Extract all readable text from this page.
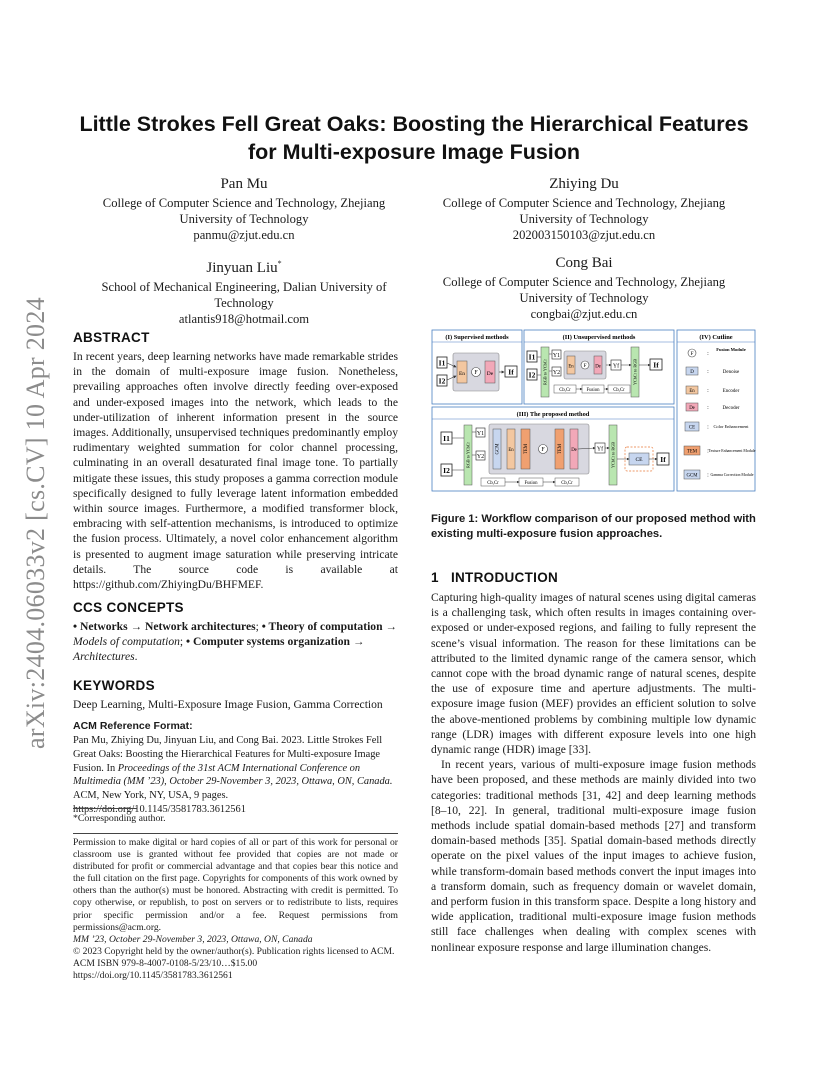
arXiv:2404.06033v2 [cs.CV] 10 Apr 2024
Little Strokes Fell Great Oaks: Boosting the Hierarchical Features
for Multi-exposure Image Fusion
Pan Mu
College of Computer Science and Technology, Zhejiang
University of Technology
panmu@zjut.edu.cn
Zhiying Du
College of Computer Science and Technology, Zhejiang
University of Technology
202003150103@zjut.edu.cn
Jinyuan Liu*
School of Mechanical Engineering, Dalian University of
Technology
atlantis918@hotmail.com
Cong Bai
College of Computer Science and Technology, Zhejiang
University of Technology
congbai@zjut.edu.cn
ABSTRACT

In recent years, deep learning networks have made remarkable strides in the domain of multi-exposure image fusion. Nonetheless, prevailing approaches often involve directly feeding over-exposed and under-exposed images into the network, which leads to the under-utilization of inherent information present in the source images. Additionally, unsupervised techniques predominantly employ rudimentary weighted summation for color channel processing, culminating in an overall desaturated final image tone. To partially mitigate these issues, this study proposes a gamma correction module specifically designed to fully leverage latent information embedded within source images. Furthermore, a modified transformer block, embracing with self-attention mechanisms, is introduced to optimize the fusion process. Ultimately, a novel color enhancement algorithm is presented to augment image saturation while preserving intricate details. The source code is available at https://github.com/ZhiyingDu/BHFMEF.

CCS CONCEPTS

• Networks → Network architectures; • Theory of computation → Models of computation; • Computer systems organization → Architectures.

KEYWORDS

Deep Learning, Multi-Exposure Image Fusion, Gamma Correction

ACM Reference Format:

Pan Mu, Zhiying Du, Jinyuan Liu, and Cong Bai. 2023. Little Strokes Fell Great Oaks: Boosting the Hierarchical Features for Multi-exposure Image Fusion. In Proceedings of the 31st ACM International Conference on Multimedia (MM ’23), October 29-November 3, 2023, Ottawa, ON, Canada. ACM, New York, NY, USA, 9 pages. https://doi.org/10.1145/3581783.3612561

*Corresponding author.

Permission to make digital or hard copies of all or part of this work for personal or classroom use is granted without fee provided that copies are not made or distributed for profit or commercial advantage and that copies bear this notice and the full citation on the first page. Copyrights for components of this work owned by others than the author(s) must be honored. Abstracting with credit is permitted. To copy otherwise, or republish, to post on servers or to redistribute to lists, requires prior specific permission and/or a fee. Request permissions from permissions@acm.org.

MM ’23, October 29-November 3, 2023, Ottawa, ON, Canada

© 2023 Copyright held by the owner/author(s). Publication rights licensed to ACM.

ACM ISBN 979-8-4007-0108-5/23/10…$15.00

https://doi.org/10.1145/3581783.3612561

(I) Supervised methods
I1
I2
En F De If
(II) Unsupervised methods
I1
I2 RGB to YCbCr
Y1
Y2
En F De Yf	YCbCr to RGB If
Cb,Cr	Fusion	Cb,Cr
(III) The proposed method
I1
I2
RGB to YCbCr
Y1
Y2
GCM En TEM F	TEM De	Yf YCbCr to RGB	CE If
Cb,Cr	Fusion	Cb,Cr
(IV) Cutline
F :
Fusion Module
D :	Denoise
En :	Encoder
De :	Decoder
CE : Color Enhancement
TEM : Texture Enhancement Module
GCM : Gamma Correction Module
Figure 1: Workflow comparison of our proposed method with existing multi-exposure fusion approaches.
1   INTRODUCTION

Capturing high-quality images of natural scenes using digital cameras is a challenging task, which often results in images containing over-exposed or under-exposed regions, and failing to fully represent the scene’s visual information. The reason for these limitations can be attributed to the limited dynamic range of the camera sensor, which cannot cope with the broad dynamic range of natural scenes, despite the use of exposure time and aperture adjustments. The multi-exposure image fusion (MEF) provides an efficient solution to solve the above-mentioned problems by combining multiple low dynamic range (LDR) images with different exposure levels into one high dynamic range (HDR) image [33].

In recent years, various of multi-exposure image fusion methods have been proposed, and these methods are mainly divided into two categories: traditional methods [31, 42] and deep learning methods [8–10, 22]. In general, traditional multi-exposure image fusion methods include spatial domain-based methods [27] and transform domain-based methods [35]. Spatial domain-based methods directly operate on the pixel values of the input images to achieve fusion, while transform-domain based methods convert the input images into a transform domain, such as frequency domain or wavelet domain, and perform fusion in this transform space. Despite a long history and wide application, traditional multi-exposure image fusion methods still face challenges when dealing with complex scenes with nonlinear exposure response and large illumination changes.
